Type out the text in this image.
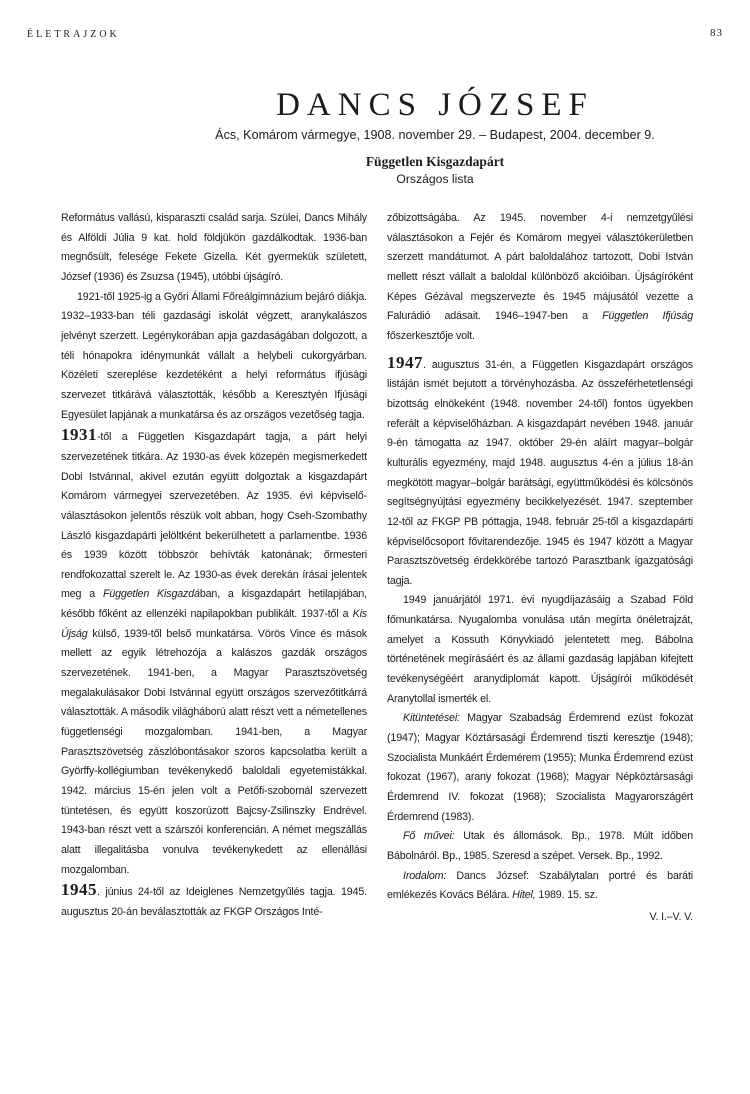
ÉLETRAJZOK	83
DANCS JÓZSEF
Ács, Komárom vármegye, 1908. november 29. – Budapest, 2004. december 9.
Független Kisgazdapárt
Országos lista

Református vallású, kisparaszti család sarja. Szülei, Dancs Mihály és Alföldi Júlia 9 kat. hold földjükön gazdálkodtak. 1936-ban megnősült, felesége Fekete Gizella. Két gyermekük született, József (1936) és Zsuzsa (1945), utóbbi újságíró.

1921-től 1925-ig a Győri Állami Főreálgimnázium bejáró diákja. 1932–1933-ban téli gazdasági iskolát végzett, aranykalászos jelvényt szerzett. Legénykorában apja gazdaságában dolgozott, a téli hónapokra idénymunkát vállalt a helybeli cukorgyárban. Közéleti szereplése kezdetéként a helyi református ifjúsági szervezet titkárává választották, később a Keresztyén Ifjúsági Egyesület lapjának a munkatársa és az országos vezetőség tagja.

1931-től a Független Kisgazdapárt tagja, a párt helyi szervezetének titkára. Az 1930-as évek közepén megismerkedett Dobi Istvánnal, akivel ezután együtt dolgoztak a kisgazdapárt Komárom vármegyei szervezetében. Az 1935. évi képviselő-választásokon jelentős részük volt abban, hogy Cseh-Szombathy László kisgazdapárti jelöltként bekerülhetett a parlamentbe. 1936 és 1939 között többször behívták katonának; őrmesteri rendfokozattal szerelt le. Az 1930-as évek derekán írásai jelentek meg a Független Kisgazdában, a kisgazdapárt hetilapjában, később főként az ellenzéki napilapokban publikált. 1937-től a Kis Újság külső, 1939-től belső munkatársa. Vörös Vince és mások mellett az egyik létrehozója a kalászos gazdák országos szervezetének. 1941-ben, a Magyar Parasztszövetség megalakulásakor Dobi Istvánnal együtt országos szervezőtitkárrá választották. A második világháború alatt részt vett a németellenes függetlenségi mozgalomban. 1941-ben, a Magyar Parasztszövetség zászlóbontásakor szoros kapcsolatba került a Györffy-kollégiumban tevékenykedő baloldali egyetemistákkal. 1942. március 15-én jelen volt a Petőfi-szobornál szervezett tüntetésen, és együtt koszorúzott Bajcsy-Zsilinszky Endrével. 1943-ban részt vett a szárszói konferencián. A német megszállás alatt illegalitásba vonulva tevékenykedett az ellenállási mozgalomban.

1945. június 24-től az Ideiglenes Nemzetgyűlés tagja. 1945. augusztus 20-án beválasztották az FKGP Országos Inté-

zőbizottságába. Az 1945. november 4-i nemzetgyűlési választásokon a Fejér és Komárom megyei választókerületben szerzett mandátumot. A párt baloldalához tartozott, Dobi István mellett részt vállalt a baloldal különböző akcióiban. Újságíróként Képes Gézával megszervezte és 1945 májusától vezette a Falurádió adásait. 1946–1947-ben a Független Ifjúság főszerkesztője volt.

1947. augusztus 31-én, a Független Kisgazdapárt országos listáján ismét bejutott a törvényhozásba. Az összeférhetetlenségi bizottság elnökeként (1948. november 24-től) fontos ügyekben referált a képviselőházban. A kisgazdapárt nevében 1948. január 9-én támogatta az 1947. október 29-én aláírt magyar–bolgár kulturális egyezmény, majd 1948. augusztus 4-én a július 18-án megkötött magyar–bolgár barátsági, együttműködési és kölcsönös segítségnyújtási egyezmény becikkelyezését. 1947. szeptember 12-től az FKGP PB póttagja, 1948. február 25-től a kisgazdapárti képviselőcsoport fővitarendezője. 1945 és 1947 között a Magyar Parasztszövetség érdekkörébe tartozó Parasztbank igazgatósági tagja.

1949 januárjától 1971. évi nyugdíjazásáig a Szabad Föld főmunkatársa. Nyugalomba vonulása után megírta önéletrajzát, amelyet a Kossuth Könyvkiadó jelentetett meg. Bábolna történetének megírásáért és az állami gazdaság lapjában kifejtett tevékenységéért aranydiplomát kapott. Újságírói működését Aranytollal ismerték el.

Kitüntetései: Magyar Szabadság Érdemrend ezüst fokozat (1947); Magyar Köztársasági Érdemrend tiszti keresztje (1948); Szocialista Munkáért Érdemérem (1955); Munka Érdemrend ezüst fokozat (1967), arany fokozat (1968); Magyar Népköztársasági Érdemrend IV. fokozat (1968); Szocialista Magyarországért Érdemrend (1983).

Fő művei: Utak és állomások. Bp., 1978. Múlt időben Bábolnáról. Bp., 1985. Szeresd a szépet. Versek. Bp., 1992.

Irodalom: Dancs József: Szabálytalan portré és baráti emlékezés Kovács Bélára. Hitel, 1989. 15. sz.

V. I.–V. V.
